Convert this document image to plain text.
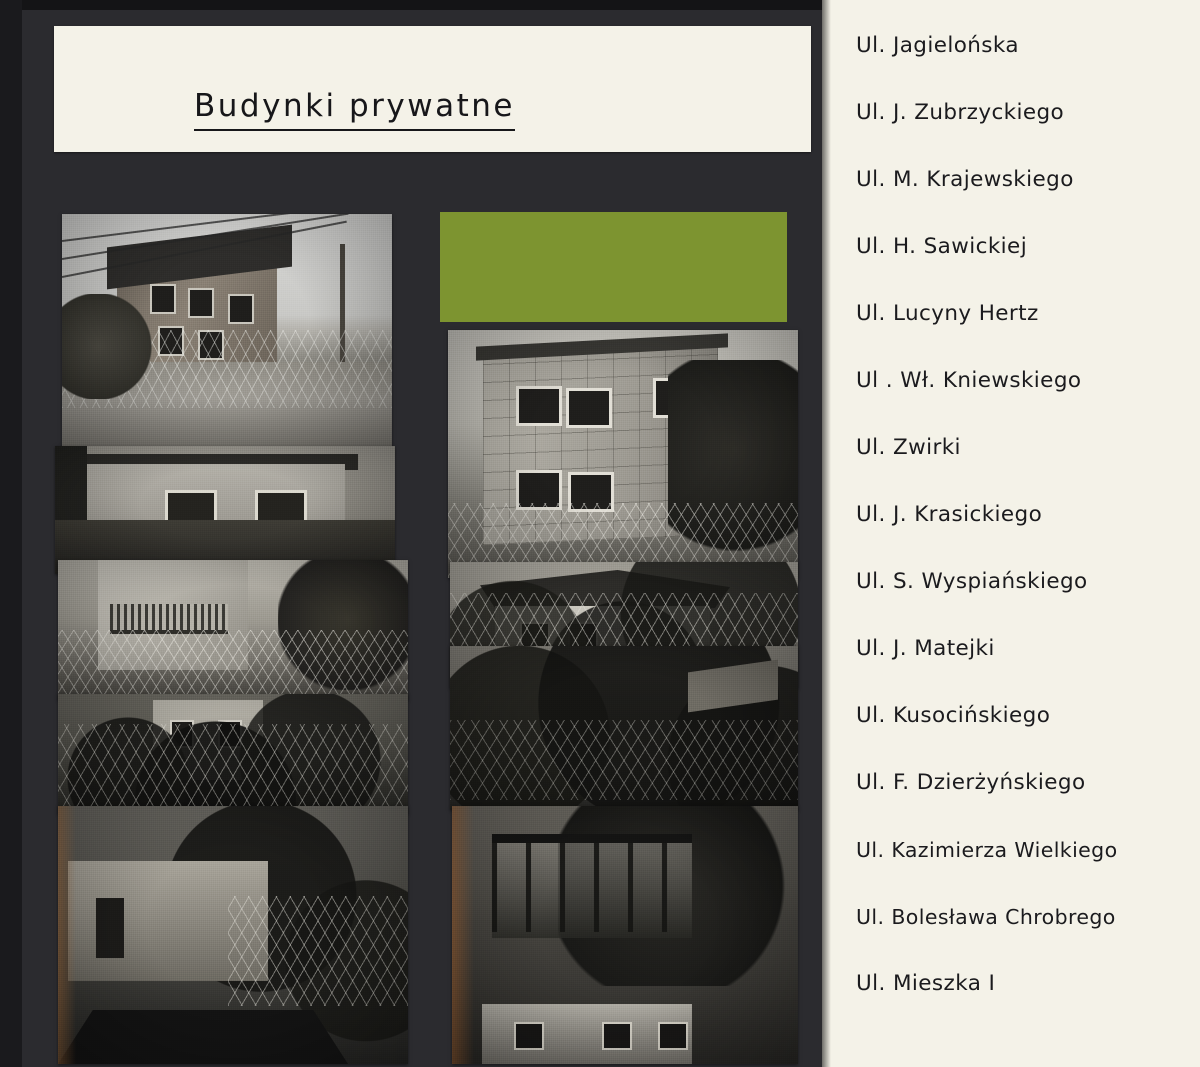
Budynki prywatne
Ul. Jagielońska
Ul. J. Zubrzyckiego
Ul. M. Krajewskiego
Ul. H. Sawickiej
Ul. Lucyny Hertz
Ul . Wł. Kniewskiego
Ul. Zwirki
Ul. J. Krasickiego
Ul. S. Wyspiańskiego
Ul. J. Matejki
Ul. Kusocińskiego
Ul. F. Dzierżyńskiego
Ul. Kazimierza Wielkiego
Ul. Bolesława Chrobrego
Ul. Mieszka I
